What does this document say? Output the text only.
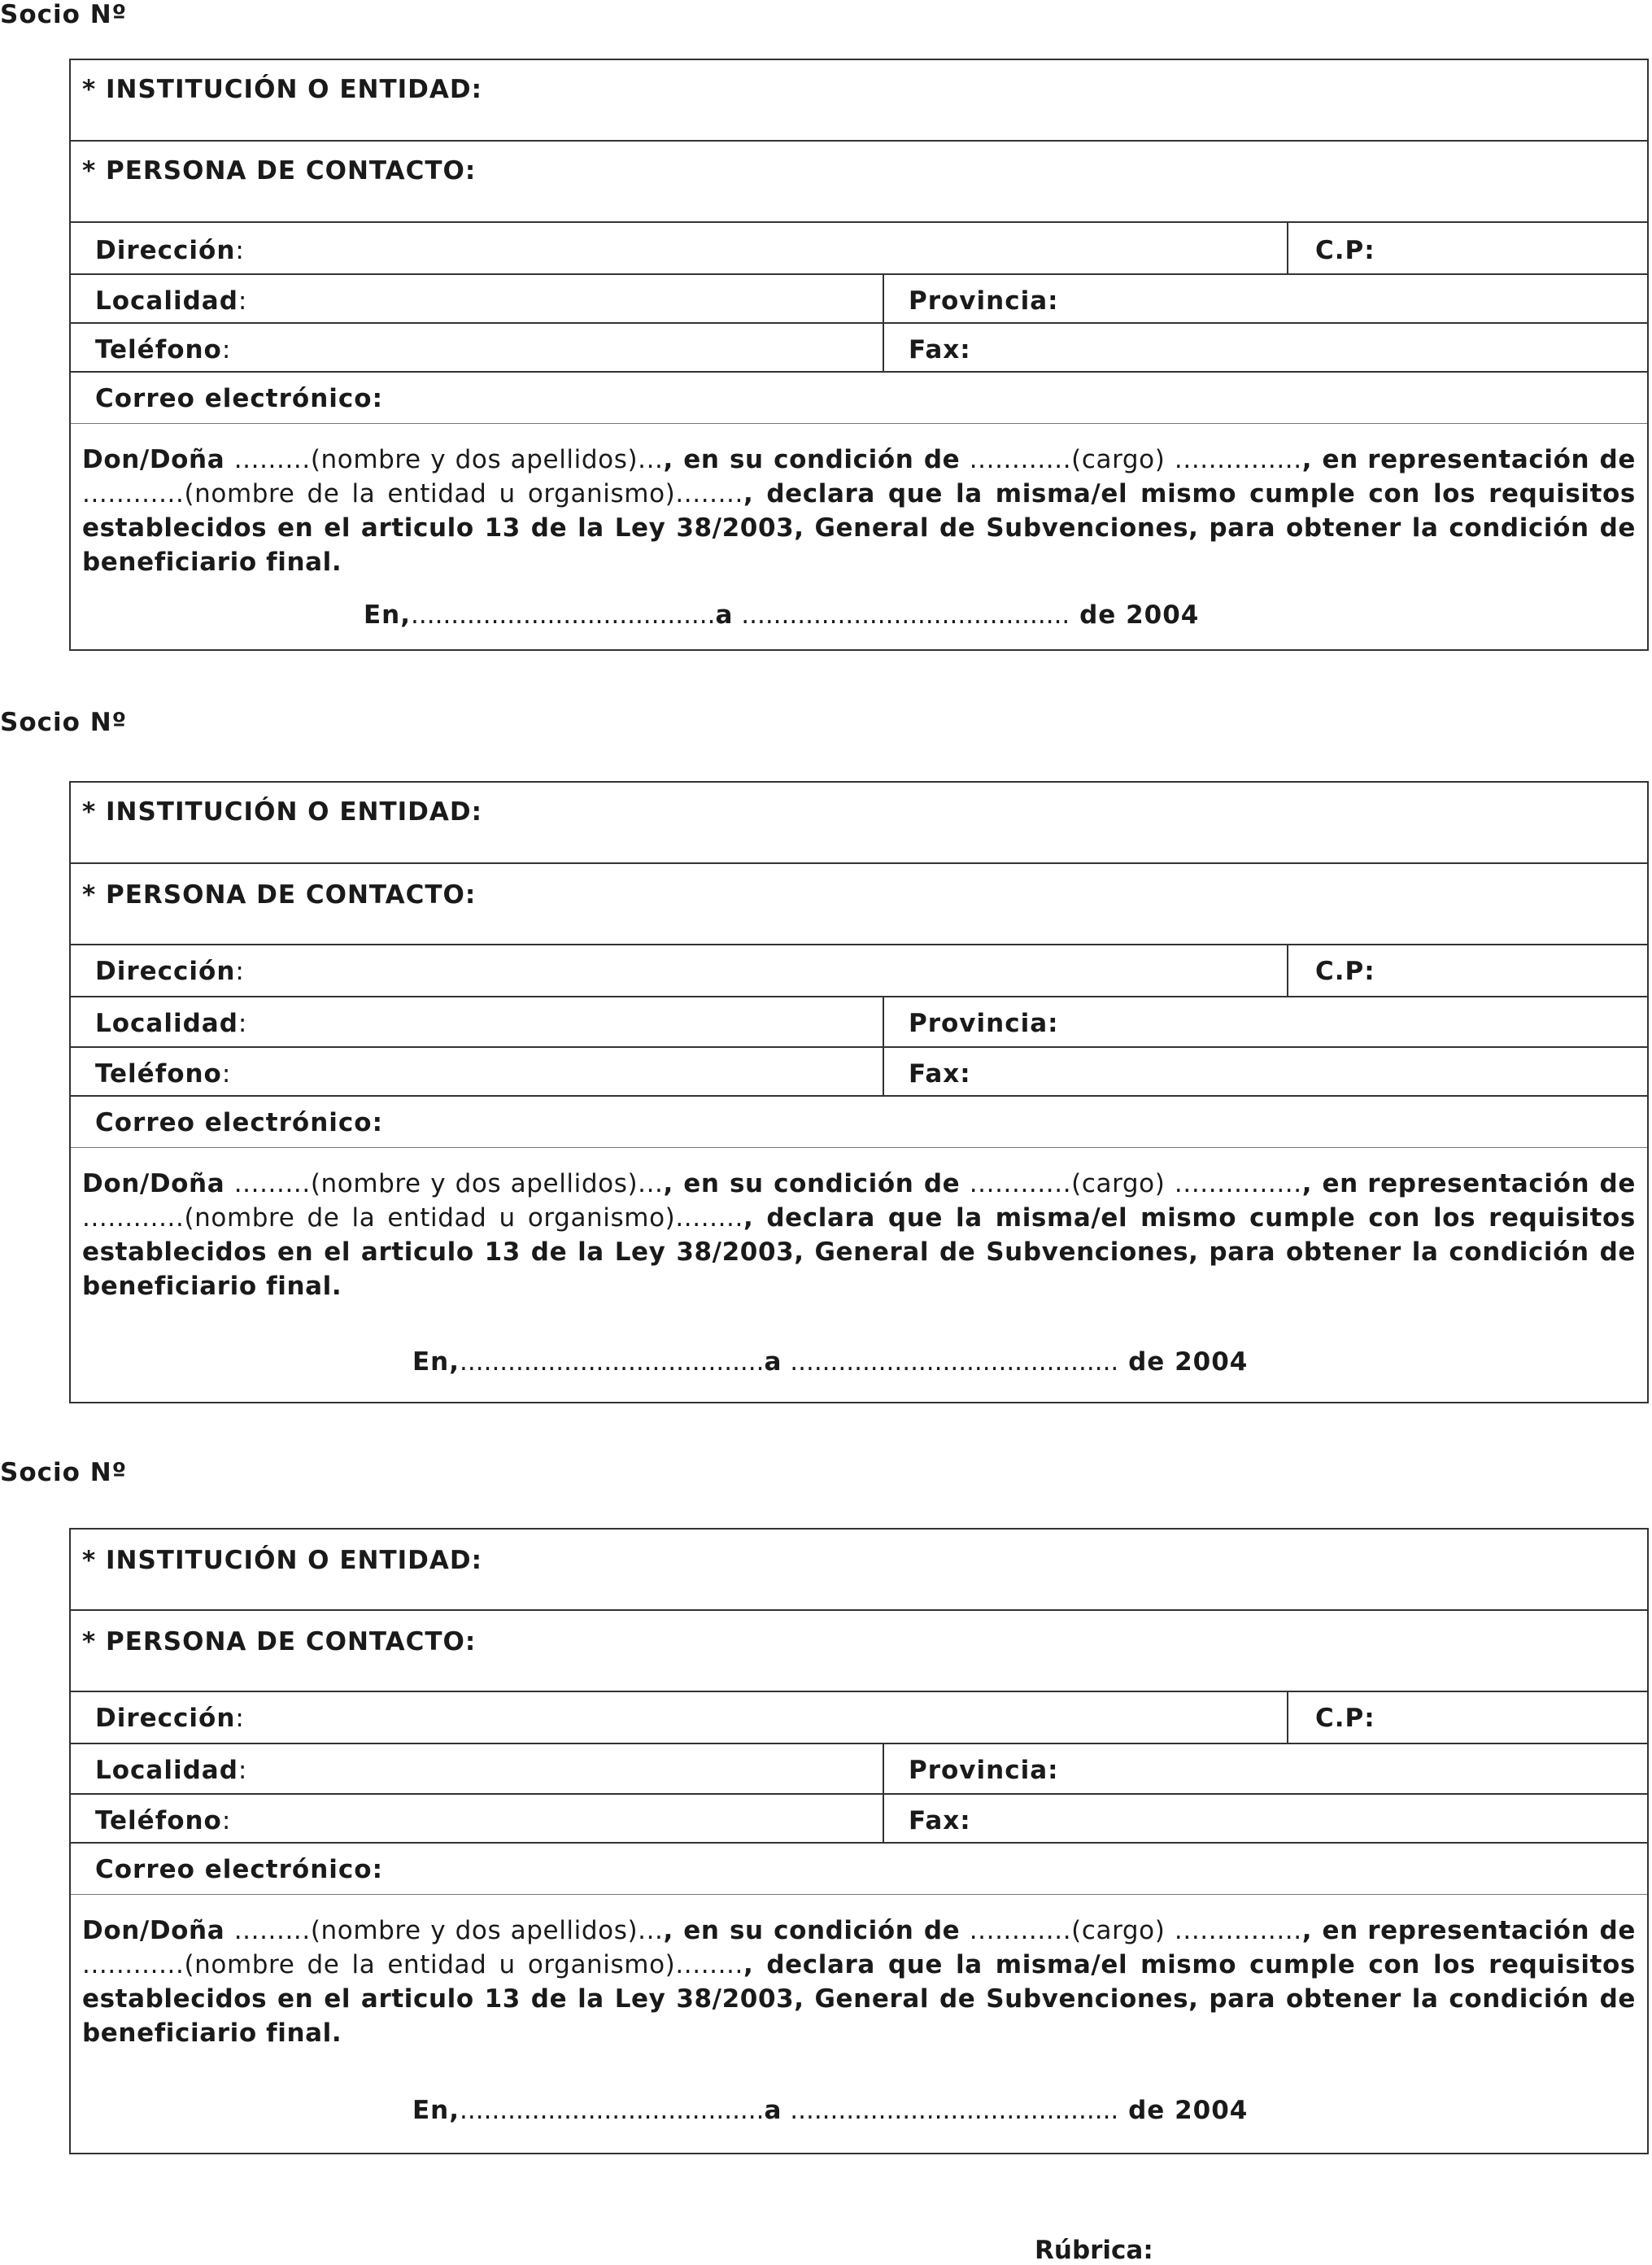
Socio Nº
* INSTITUCIÓN O ENTIDAD:
* PERSONA DE CONTACTO:
Dirección:	C.P:
Localidad:	Provincia:
Teléfono:	Fax:
Correo electrónico:
Don/Doña .........(nombre y dos apellidos)..., en su condición de ............(cargo) ..............., en representación de ............(nombre de la entidad u organismo)........, declara que la misma/el mismo cumple con los requisitos establecidos en el articulo 13 de la Ley 38/2003, General de Subvenciones, para obtener la condición de beneficiario final.
En,......................................a ......................................... de 2004
Socio Nº
* INSTITUCIÓN O ENTIDAD:
* PERSONA DE CONTACTO:
Dirección:	C.P:
Localidad:	Provincia:
Teléfono:	Fax:
Correo electrónico:
Don/Doña .........(nombre y dos apellidos)..., en su condición de ............(cargo) ..............., en representación de ............(nombre de la entidad u organismo)........, declara que la misma/el mismo cumple con los requisitos establecidos en el articulo 13 de la Ley 38/2003, General de Subvenciones, para obtener la condición de beneficiario final.
En,......................................a ......................................... de 2004
Socio Nº
* INSTITUCIÓN O ENTIDAD:
* PERSONA DE CONTACTO:
Dirección:	C.P:
Localidad:	Provincia:
Teléfono:	Fax:
Correo electrónico:
Don/Doña .........(nombre y dos apellidos)..., en su condición de ............(cargo) ..............., en representación de ............(nombre de la entidad u organismo)........, declara que la misma/el mismo cumple con los requisitos establecidos en el articulo 13 de la Ley 38/2003, General de Subvenciones, para obtener la condición de beneficiario final.
En,......................................a ......................................... de 2004
Rúbrica:
